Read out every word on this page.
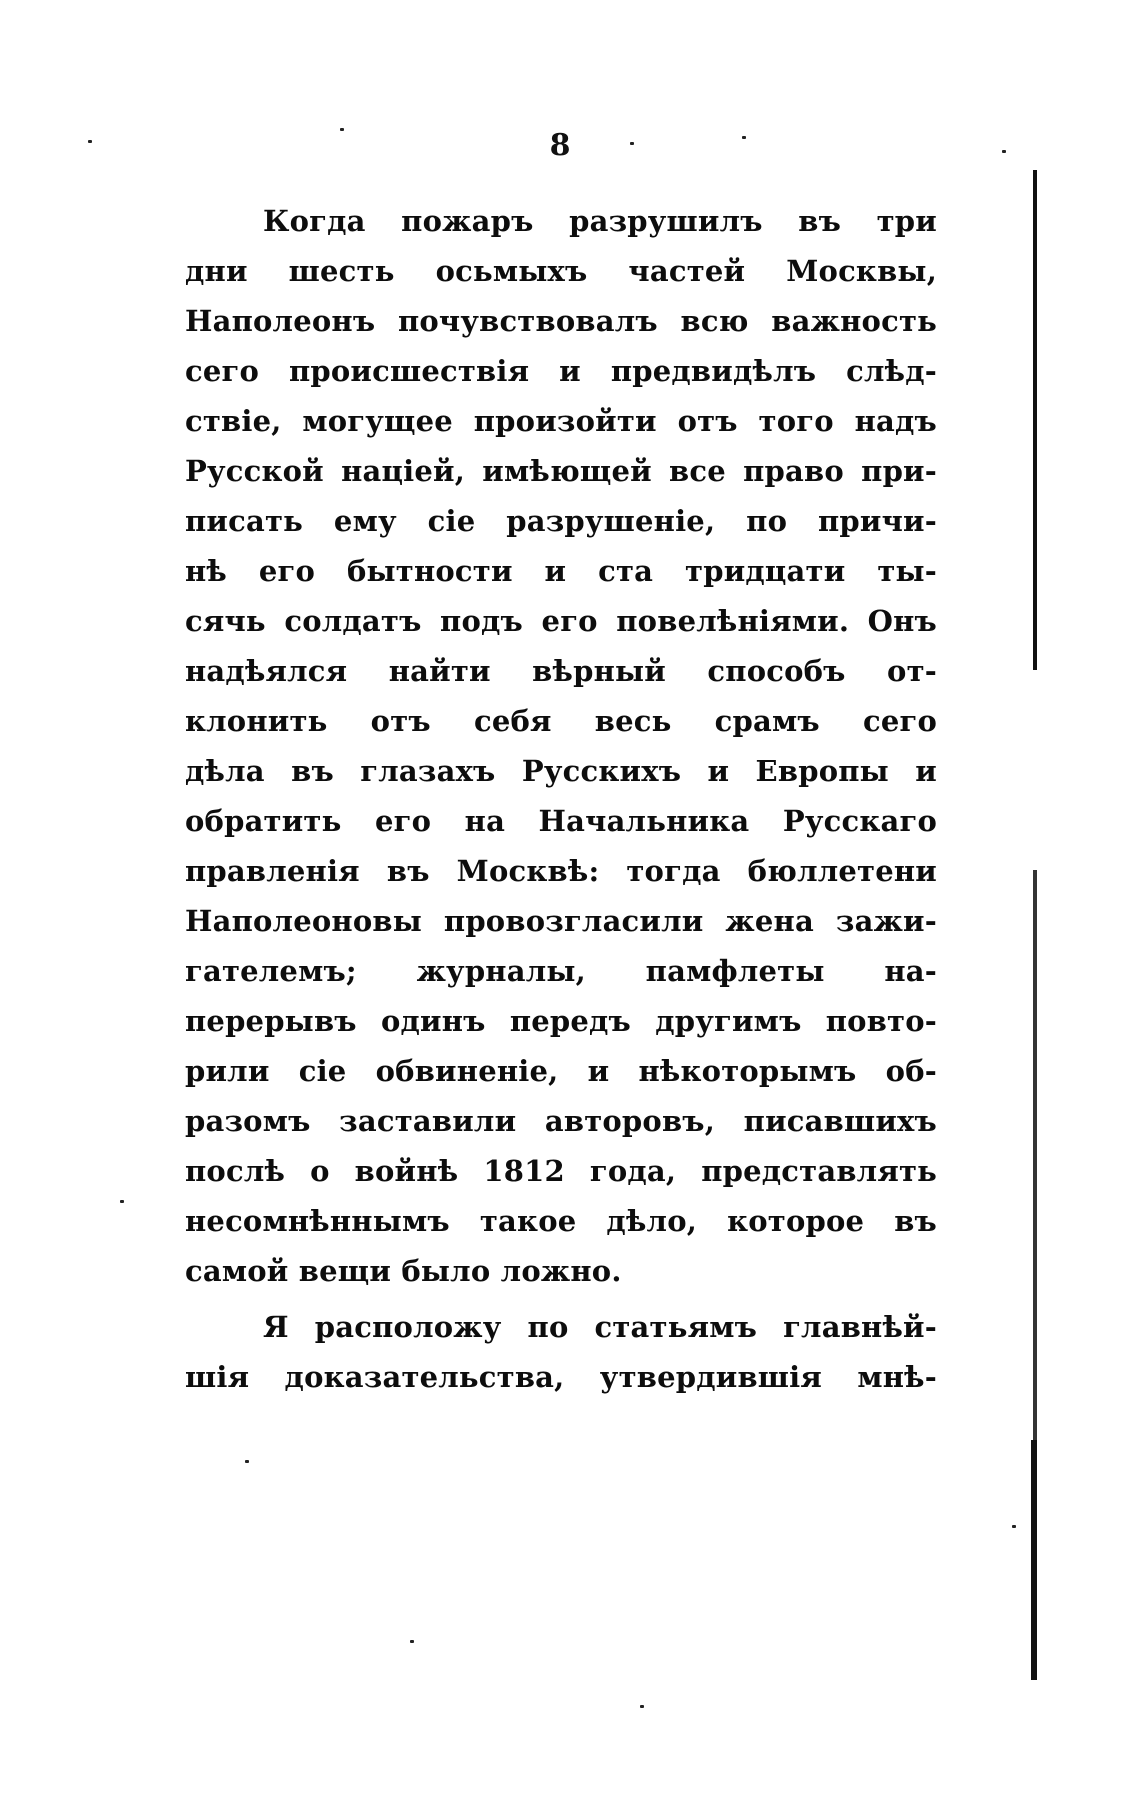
8
Когда пожаръ разрушилъ въ три
дни шесть осьмыхъ частей Москвы,
Наполеонъ почувствовалъ всю важность
сего происшествія и предвидѣлъ слѣд-
ствіе, могущее произойти отъ того надъ
Русской націей, имѣющей все право при-
писать ему сіе разрушеніе, по причи-
нѣ его бытности и ста тридцати ты-
сячь солдатъ подъ его повелѣніями. Онъ
надѣялся найти вѣрный способъ от-
клонить отъ себя весь срамъ сего
дѣла въ глазахъ Русскихъ и Европы и
обратить его на Начальника Русскаго
правленія въ Москвѣ: тогда бюллетени
Наполеоновы провозгласили жена зажи-
гателемъ; журналы, памфлеты на-
перерывъ одинъ передъ другимъ повто-
рили сіе обвиненіе, и нѣкоторымъ об-
разомъ заставили авторовъ, писавшихъ
послѣ о войнѣ 1812 года, представлять
несомнѣннымъ такое дѣло, которое въ
самой вещи было ложно.
Я расположу по статьямъ главнѣй-
шія доказательства, утвердившія мнѣ-
